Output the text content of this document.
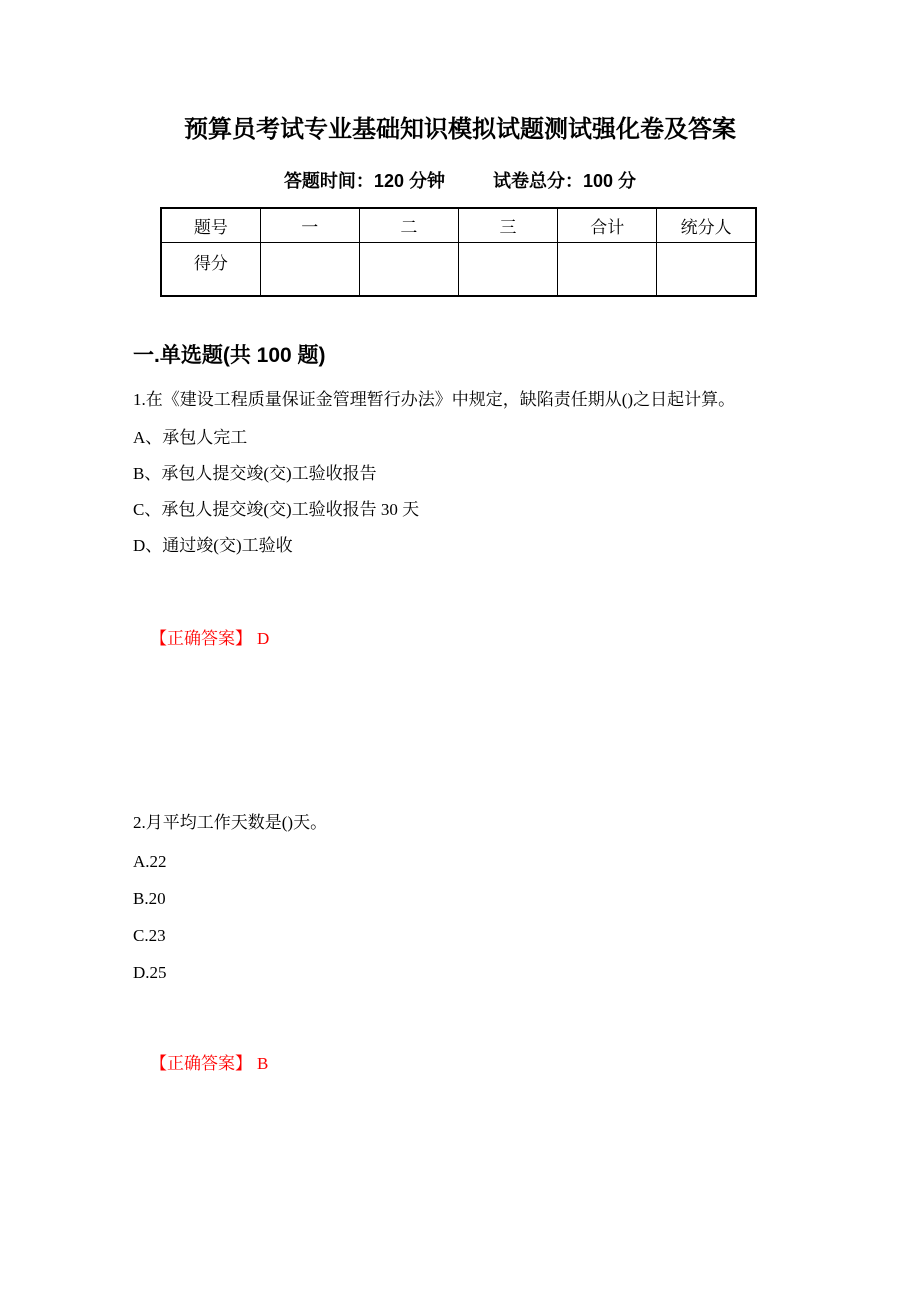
预算员考试专业基础知识模拟试题测试强化卷及答案
答题时间：120 分钟	试卷总分：100 分
题号	一	二	三	合计	统分人
得分					
一.单选题(共 100 题)
1.在《建设工程质量保证金管理暂行办法》中规定，缺陷责任期从()之日起计算。
A、承包人完工
B、承包人提交竣(交)工验收报告
C、承包人提交竣(交)工验收报告 30 天
D、通过竣(交)工验收

【正确答案】 D

2.月平均工作天数是()天。
A.22
B.20
C.23
D.25

【正确答案】 B
